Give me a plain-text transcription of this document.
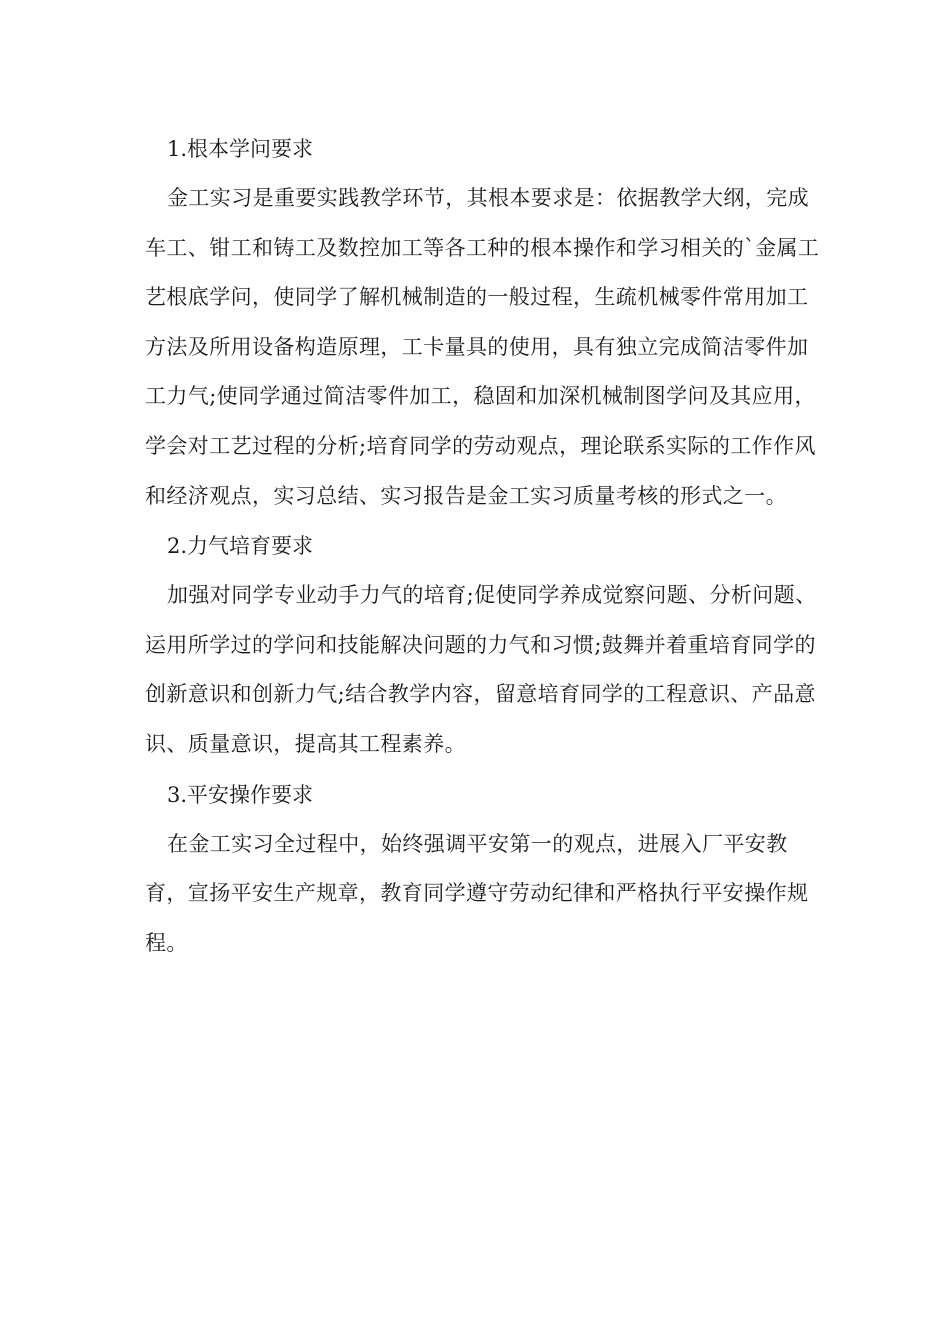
1.根本学问要求

金工实习是重要实践教学环节，其根本要求是：依据教学大纲，完成车工、钳工和铸工及数控加工等各工种的根本操作和学习相关的`金属工艺根底学问，使同学了解机械制造的一般过程，生疏机械零件常用加工方法及所用设备构造原理，工卡量具的使用，具有独立完成简洁零件加工力气;使同学通过简洁零件加工，稳固和加深机械制图学问及其应用，学会对工艺过程的分析;培育同学的劳动观点，理论联系实际的工作作风和经济观点，实习总结、实习报告是金工实习质量考核的形式之一。

2.力气培育要求

加强对同学专业动手力气的培育;促使同学养成觉察问题、分析问题、运用所学过的学问和技能解决问题的力气和习惯;鼓舞并着重培育同学的创新意识和创新力气;结合教学内容，留意培育同学的工程意识、产品意识、质量意识，提高其工程素养。

3.平安操作要求

在金工实习全过程中，始终强调平安第一的观点，进展入厂平安教育，宣扬平安生产规章，教育同学遵守劳动纪律和严格执行平安操作规程。
